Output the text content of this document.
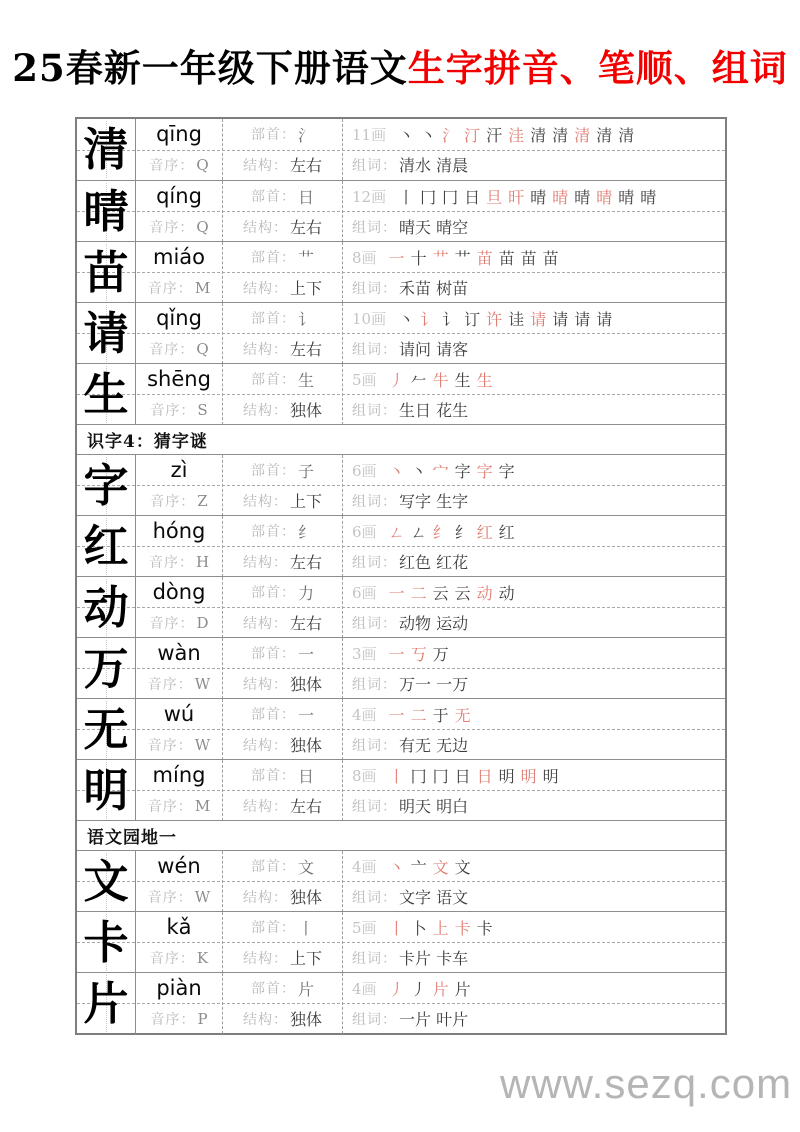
25春新一年级下册语文生字拼音、笔顺、组词
清 qīng
音序： Q
部首： 氵
结构： 左右
11画 丶 丶 氵 汀 汗 洼 清 清 清 清 清
组词： 清水 清晨
晴 qíng
音序： Q
部首： 日
结构： 左右
12画 丨 冂 冂 日 旦 旰 晴 晴 晴 晴 晴 晴
组词： 晴天 晴空
苗 miáo
音序： M
部首： 艹
结构： 上下
8画 一 十 艹 艹 苗 苗 苗 苗
组词： 禾苗 树苗
请 qǐng
音序： Q
部首： 讠
结构： 左右
10画 丶 讠 讠 订 许 诖 请 请 请 请
组词： 请问 请客
生 shēng
音序： S
部首： 生
结构： 独体
5画 丿 𠂉 牛 生 生
组词： 生日 花生
识字4：猜字谜
字 zì
音序： Z
部首： 子
结构： 上下
6画 丶 丶 宀 字 字 字
组词： 写字 生字
红 hóng
音序： H
部首： 纟
结构： 左右
6画 ㄥ ㄥ 纟 纟 红 红
组词： 红色 红花
动 dòng
音序： D
部首： 力
结构： 左右
6画 一 二 云 云 动 动
组词： 动物 运动
万 wàn
音序： W
部首： 一
结构： 独体
3画 一 丂 万
组词： 万一 一万
无 wú
音序： W
部首： 一
结构： 独体
4画 一 二 于 无
组词： 有无 无边
明 míng
音序： M
部首： 日
结构： 左右
8画 丨 冂 冂 日 日 明 明 明
组词： 明天 明白
语文园地一
文 wén
音序： W
部首： 文
结构： 独体
4画 丶 亠 文 文
组词： 文字 语文
卡 kǎ
音序： K
部首： 丨
结构： 上下
5画 丨 卜 上 卡 卡
组词： 卡片 卡车
片 piàn
音序： P
部首： 片
结构： 独体
4画 丿 丿 片 片
组词： 一片 叶片
www.sezq.com
